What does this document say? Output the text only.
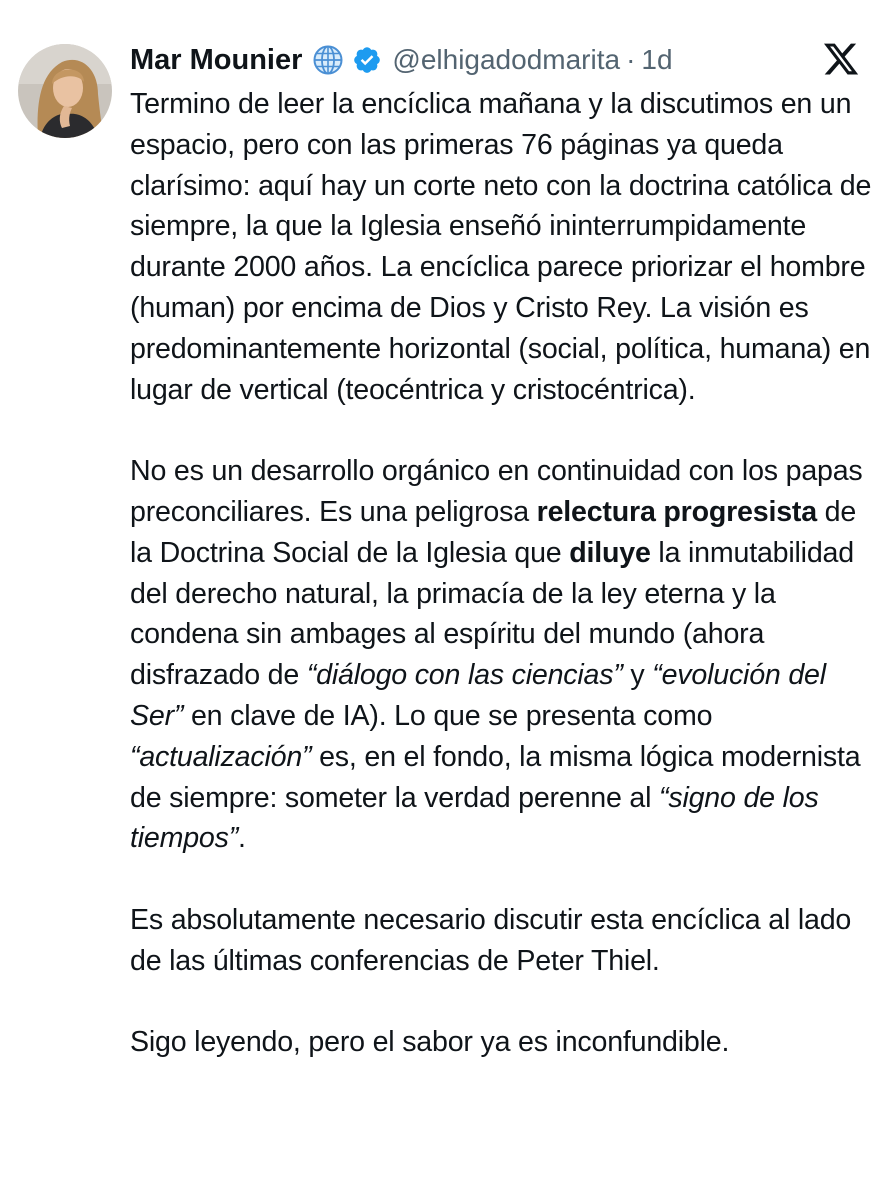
Mar Mounier	@elhigadodmarita · 1d

Termino de leer la encíclica mañana y la discutimos en un espacio, pero con las primeras 76 páginas ya queda clarísimo: aquí hay un corte neto con la doctrina católica de siempre, la que la Iglesia enseñó ininterrumpidamente durante 2000 años. La encíclica parece priorizar el hombre (human) por encima de Dios y Cristo Rey. La visión es predominantemente horizontal (social, política, humana) en lugar de vertical (teocéntrica y cristocéntrica).

No es un desarrollo orgánico en continuidad con los papas preconciliares. Es una peligrosa relectura progresista de la Doctrina Social de la Iglesia que diluye la inmutabilidad del derecho natural, la primacía de la ley eterna y la condena sin ambages al espíritu del mundo (ahora disfrazado de “diálogo con las ciencias” y “evolución del Ser” en clave de IA). Lo que se presenta como “actualización” es, en el fondo, la misma lógica modernista de siempre: someter la verdad perenne al “signo de los tiempos”.

Es absolutamente necesario discutir esta encíclica al lado de las últimas conferencias de Peter Thiel.

Sigo leyendo, pero el sabor ya es inconfundible.
